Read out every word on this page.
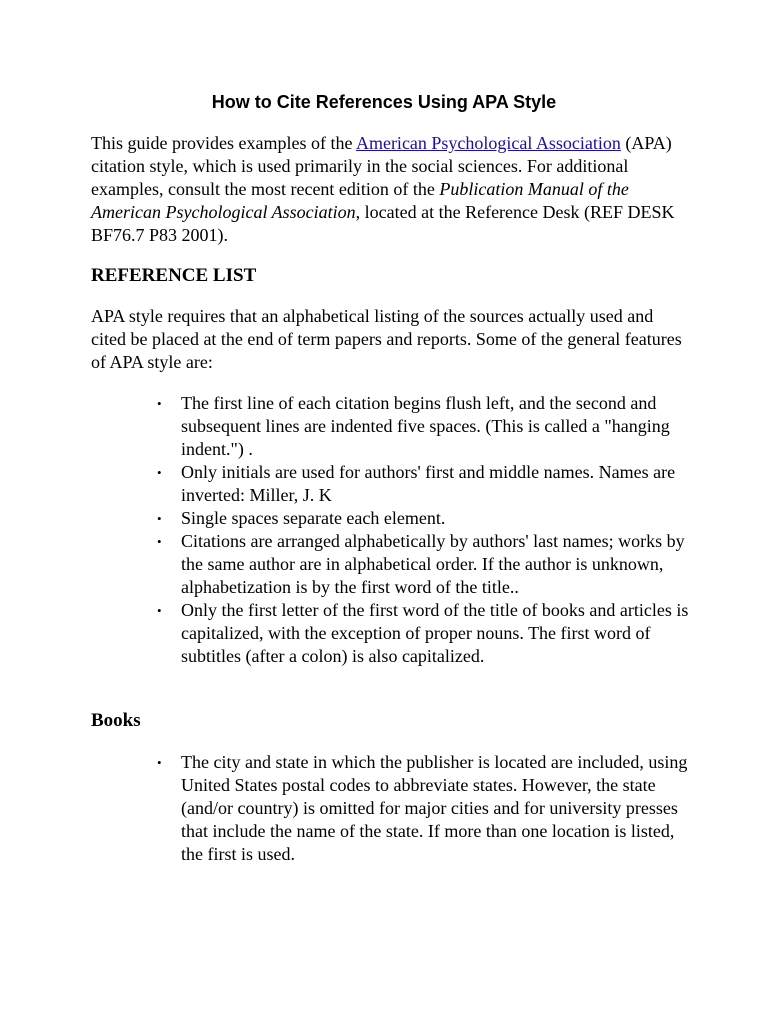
How to Cite References Using APA Style

This guide provides examples of the American Psychological Association (APA) citation style, which is used primarily in the social sciences. For additional examples, consult the most recent edition of the Publication Manual of the American Psychological Association, located at the Reference Desk (REF DESK BF76.7 P83 2001).

REFERENCE LIST

APA style requires that an alphabetical listing of the sources actually used and cited be placed at the end of term papers and reports. Some of the general features of APA style are:

• The first line of each citation begins flush left, and the second and subsequent lines are indented five spaces. (This is called a "hanging indent.") .
• Only initials are used for authors' first and middle names. Names are inverted: Miller, J. K
• Single spaces separate each element.
• Citations are arranged alphabetically by authors' last names; works by the same author are in alphabetical order. If the author is unknown, alphabetization is by the first word of the title..
• Only the first letter of the first word of the title of books and articles is capitalized, with the exception of proper nouns. The first word of subtitles (after a colon) is also capitalized.
Books
• The city and state in which the publisher is located are included, using United States postal codes to abbreviate states. However, the state (and/or country) is omitted for major cities and for university presses that include the name of the state. If more than one location is listed, the first is used.
